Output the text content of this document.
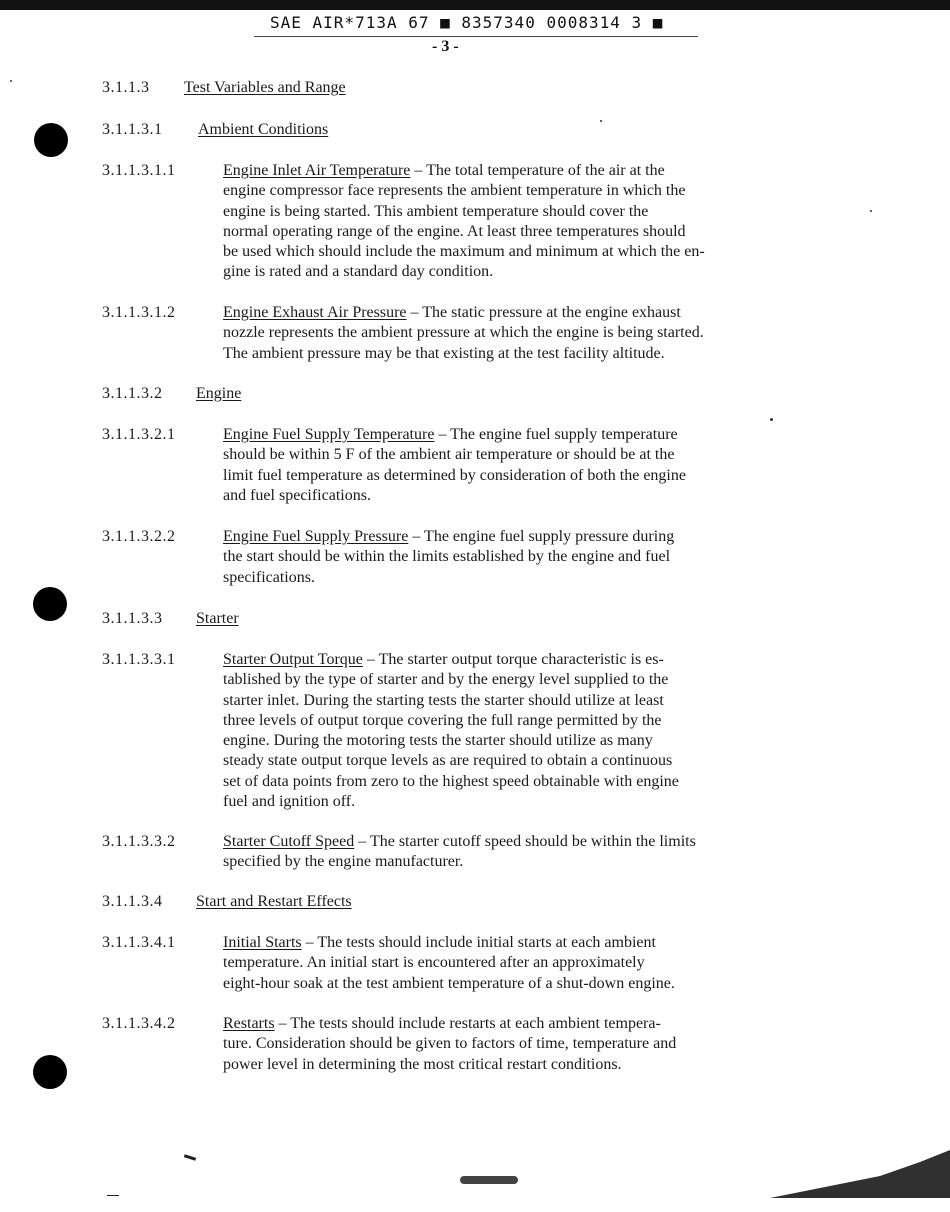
SAE AIR*713A 67 ■ 8357340 0008314 3 ■
- 3 -
3.1.1.3 Test Variables and Range
3.1.1.3.1 Ambient Conditions
3.1.1.3.1.1	Engine Inlet Air Temperature – The total temperature of the air at the
engine compressor face represents the ambient temperature in which the
engine is being started. This ambient temperature should cover the
normal operating range of the engine. At least three temperatures should
be used which should include the maximum and minimum at which the en-
gine is rated and a standard day condition.
3.1.1.3.1.2	Engine Exhaust Air Pressure – The static pressure at the engine exhaust
nozzle represents the ambient pressure at which the engine is being started.
The ambient pressure may be that existing at the test facility altitude.
3.1.1.3.2 Engine
3.1.1.3.2.1	Engine Fuel Supply Temperature – The engine fuel supply temperature
should be within 5 F of the ambient air temperature or should be at the
limit fuel temperature as determined by consideration of both the engine
and fuel specifications.
3.1.1.3.2.2	Engine Fuel Supply Pressure – The engine fuel supply pressure during
the start should be within the limits established by the engine and fuel
specifications.
3.1.1.3.3 Starter
3.1.1.3.3.1	Starter Output Torque – The starter output torque characteristic is es-
tablished by the type of starter and by the energy level supplied to the
starter inlet. During the starting tests the starter should utilize at least
three levels of output torque covering the full range permitted by the
engine. During the motoring tests the starter should utilize as many
steady state output torque levels as are required to obtain a continuous
set of data points from zero to the highest speed obtainable with engine
fuel and ignition off.
3.1.1.3.3.2	Starter Cutoff Speed – The starter cutoff speed should be within the limits
specified by the engine manufacturer.
3.1.1.3.4 Start and Restart Effects
3.1.1.3.4.1	Initial Starts – The tests should include initial starts at each ambient
temperature. An initial start is encountered after an approximately
eight-hour soak at the test ambient temperature of a shut-down engine.
3.1.1.3.4.2	Restarts – The tests should include restarts at each ambient tempera-
ture. Consideration should be given to factors of time, temperature and
power level in determining the most critical restart conditions.
